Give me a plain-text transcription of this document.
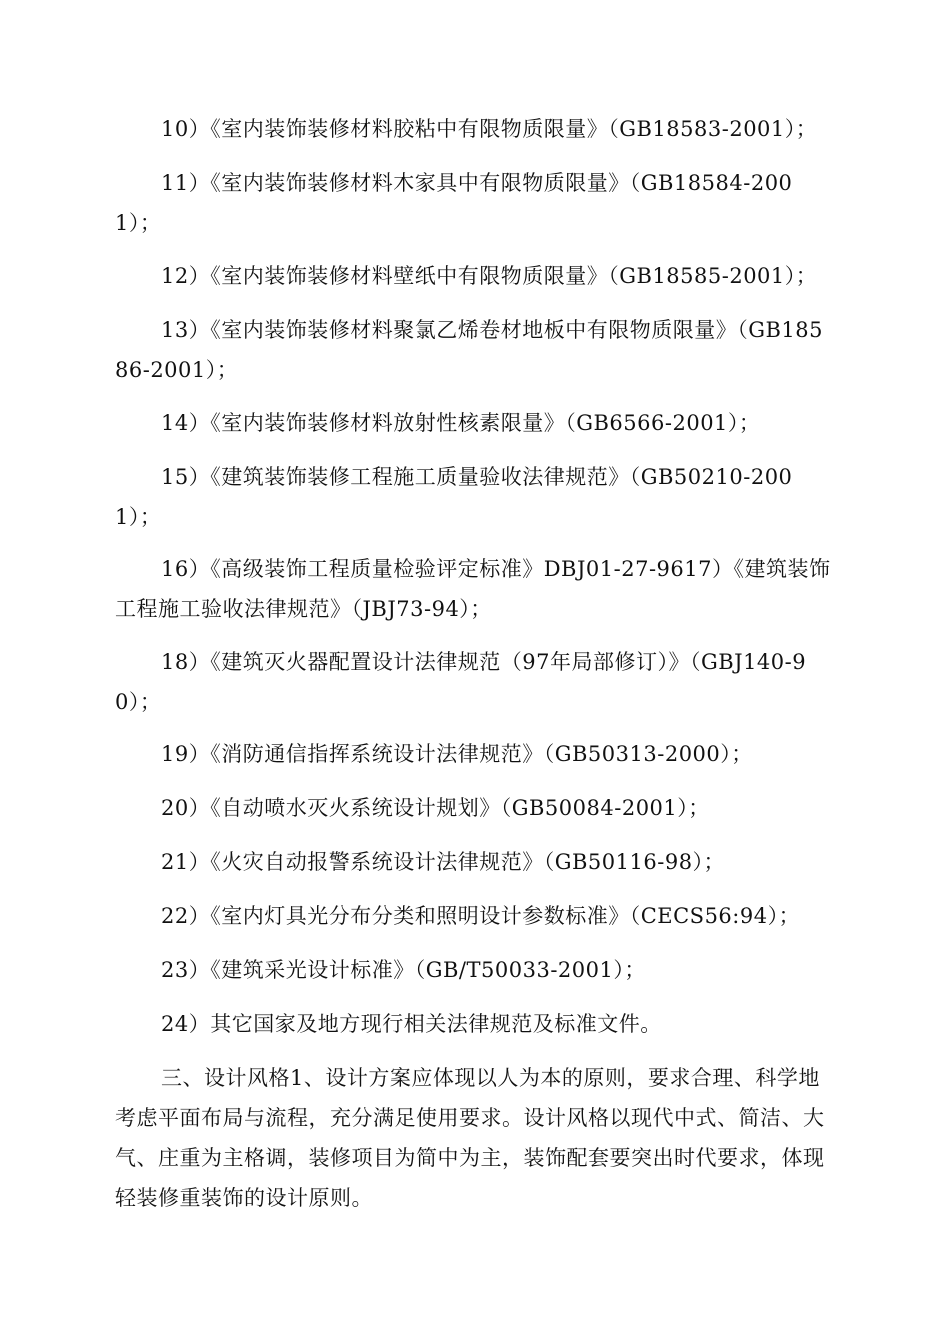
10）《室内装饰装修材料胶粘中有限物质限量》（GB18583-2001）；

11）《室内装饰装修材料木家具中有限物质限量》（GB18584-2001）；

12）《室内装饰装修材料壁纸中有限物质限量》（GB18585-2001）；

13）《室内装饰装修材料聚氯乙烯卷材地板中有限物质限量》（GB18586-2001）；

14）《室内装饰装修材料放射性核素限量》（GB6566-2001）；

15）《建筑装饰装修工程施工质量验收法律规范》（GB50210-2001）；

16）《高级装饰工程质量检验评定标准》DBJ01-27-9617）《建筑装饰工程施工验收法律规范》（JBJ73-94）；

18）《建筑灭火器配置设计法律规范（97年局部修订）》（GBJ140-90）；

19）《消防通信指挥系统设计法律规范》（GB50313-2000）；

20）《自动喷水灭火系统设计规划》（GB50084-2001）；

21）《火灾自动报警系统设计法律规范》（GB50116-98）；

22）《室内灯具光分布分类和照明设计参数标准》（CECS56:94）；

23）《建筑采光设计标准》（GB/T50033-2001）；

24）其它国家及地方现行相关法律规范及标准文件。

三、设计风格1、设计方案应体现以人为本的原则，要求合理、科学地考虑平面布局与流程，充分满足使用要求。设计风格以现代中式、简洁、大气、庄重为主格调，装修项目为简中为主，装饰配套要突出时代要求，体现轻装修重装饰的设计原则。
